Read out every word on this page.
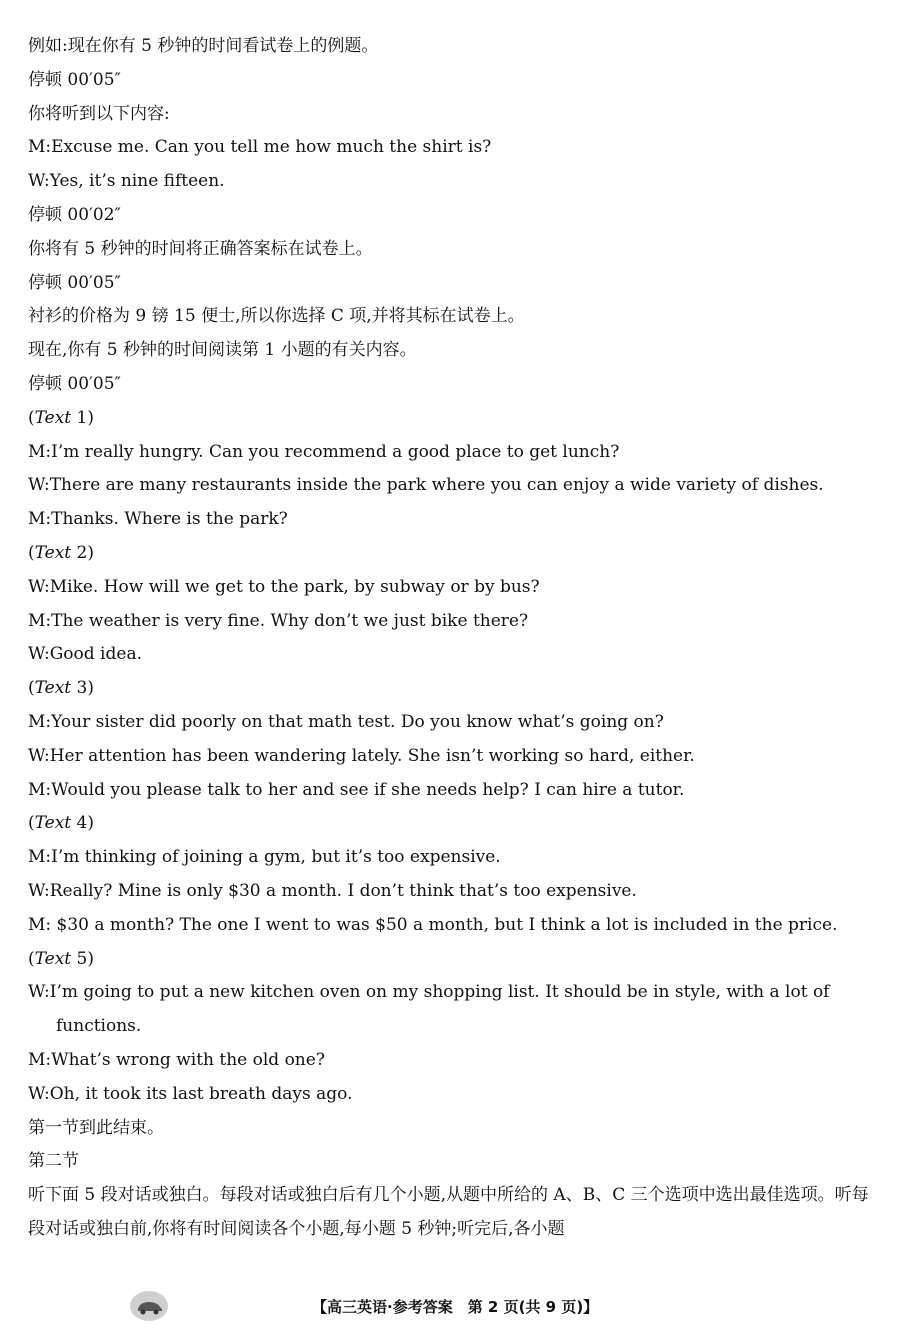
例如:现在你有 5 秒钟的时间看试卷上的例题。
停顿 00′05″
你将听到以下内容:
M:Excuse me. Can you tell me how much the shirt is?
W:Yes, it’s nine fifteen.
停顿 00′02″
你将有 5 秒钟的时间将正确答案标在试卷上。
停顿 00′05″
衬衫的价格为 9 镑 15 便士,所以你选择 C 项,并将其标在试卷上。
现在,你有 5 秒钟的时间阅读第 1 小题的有关内容。
停顿 00′05″
(Text 1)
M:I’m really hungry. Can you recommend a good place to get lunch?
W:There are many restaurants inside the park where you can enjoy a wide variety of dishes.
M:Thanks. Where is the park?
(Text 2)
W:Mike. How will we get to the park, by subway or by bus?
M:The weather is very fine. Why don’t we just bike there?
W:Good idea.
(Text 3)
M:Your sister did poorly on that math test. Do you know what’s going on?
W:Her attention has been wandering lately. She isn’t working so hard, either.
M:Would you please talk to her and see if she needs help? I can hire a tutor.
(Text 4)
M:I’m thinking of joining a gym, but it’s too expensive.
W:Really? Mine is only $30 a month. I don’t think that’s too expensive.
M: $30 a month? The one I went to was $50 a month, but I think a lot is included in the price.
(Text 5)
W:I’m going to put a new kitchen oven on my shopping list. It should be in style, with a lot of functions.
M:What’s wrong with the old one?
W:Oh, it took its last breath days ago.
第一节到此结束。
第二节
听下面 5 段对话或独白。每段对话或独白后有几个小题,从题中所给的 A、B、C 三个选项中选出最佳选项。听每段对话或独白前,你将有时间阅读各个小题,每小题 5 秒钟;听完后,各小题
【高三英语·参考答案　第 2 页(共 9 页)】
